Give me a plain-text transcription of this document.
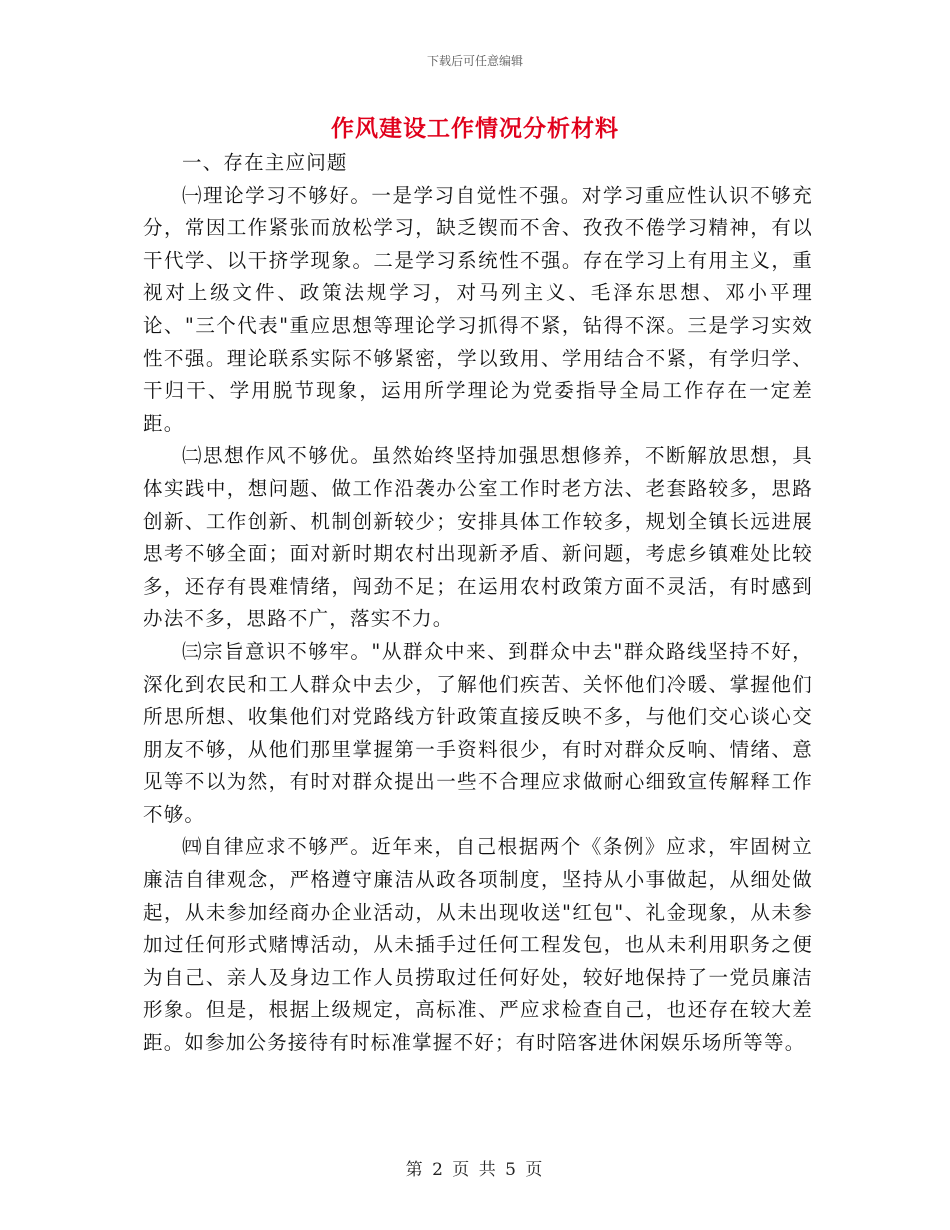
下载后可任意编辑
作风建设工作情况分析材料

一、存在主应问题

㈠理论学习不够好。一是学习自觉性不强。对学习重应性认识不够充分，常因工作紧张而放松学习，缺乏锲而不舍、孜孜不倦学习精神，有以干代学、以干挤学现象。二是学习系统性不强。存在学习上有用主义，重视对上级文件、政策法规学习，对马列主义、毛泽东思想、邓小平理论、"三个代表"重应思想等理论学习抓得不紧，钻得不深。三是学习实效性不强。理论联系实际不够紧密，学以致用、学用结合不紧，有学归学、干归干、学用脱节现象，运用所学理论为党委指导全局工作存在一定差距。

㈡思想作风不够优。虽然始终坚持加强思想修养，不断解放思想，具体实践中，想问题、做工作沿袭办公室工作时老方法、老套路较多，思路创新、工作创新、机制创新较少；安排具体工作较多，规划全镇长远进展思考不够全面；面对新时期农村出现新矛盾、新问题，考虑乡镇难处比较多，还存有畏难情绪，闯劲不足；在运用农村政策方面不灵活，有时感到办法不多，思路不广，落实不力。

㈢宗旨意识不够牢。"从群众中来、到群众中去"群众路线坚持不好，深化到农民和工人群众中去少，了解他们疾苦、关怀他们冷暖、掌握他们所思所想、收集他们对党路线方针政策直接反映不多，与他们交心谈心交朋友不够，从他们那里掌握第一手资料很少，有时对群众反响、情绪、意见等不以为然，有时对群众提出一些不合理应求做耐心细致宣传解释工作不够。

㈣自律应求不够严。近年来，自己根据两个《条例》应求，牢固树立廉洁自律观念，严格遵守廉洁从政各项制度，坚持从小事做起，从细处做起，从未参加经商办企业活动，从未出现收送"红包"、礼金现象，从未参加过任何形式赌博活动，从未插手过任何工程发包，也从未利用职务之便为自己、亲人及身边工作人员捞取过任何好处，较好地保持了一党员廉洁形象。但是，根据上级规定，高标准、严应求检查自己，也还存在较大差距。如参加公务接待有时标准掌握不好；有时陪客进休闲娱乐场所等等。

第 2 页 共 5 页
